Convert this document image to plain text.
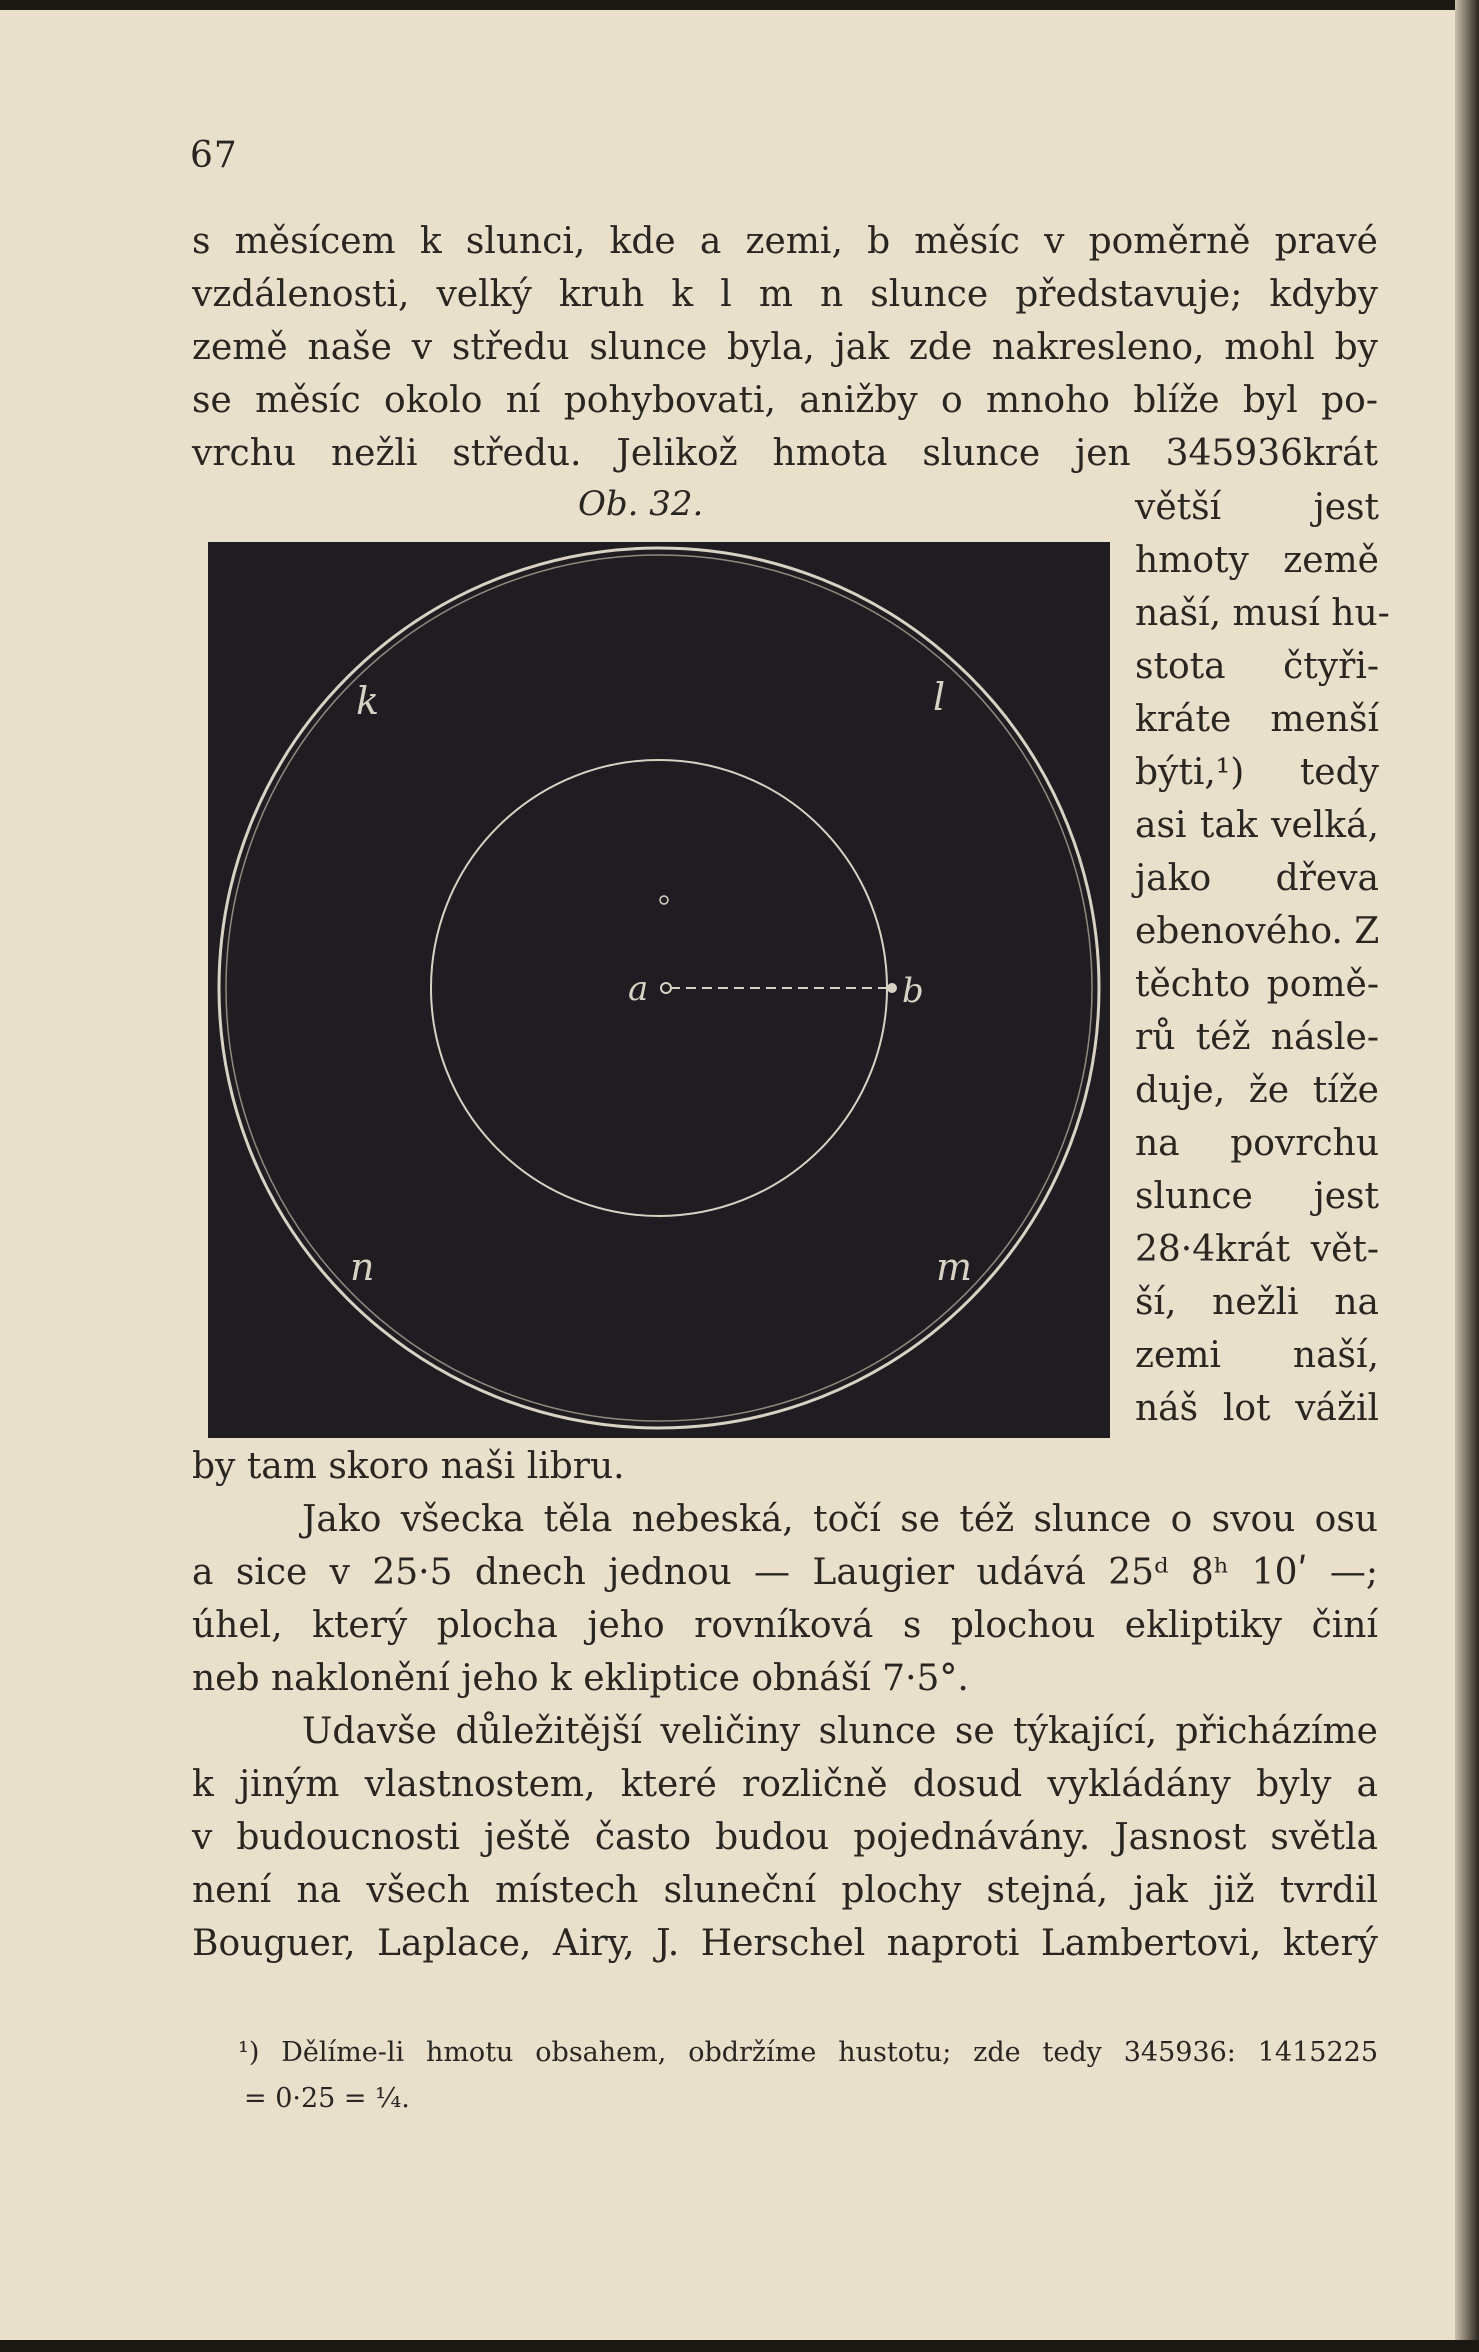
67
s měsícem k slunci, kde a zemi, b měsíc v poměrně pravé
vzdálenosti, velký kruh k l m n slunce představuje; kdyby
země naše v středu slunce byla, jak zde nakresleno, mohl by
se měsíc okolo ní pohybovati, anižby o mnoho blíže byl po-
vrchu nežli středu. Jelikož hmota slunce jen 345936krát
Ob. 32.	větší jest
hmoty země
naší, musí hu-
stota čtyři-
kráte menší
býti,¹) tedy
asi tak velká,
jako dřeva
ebenového. Z
těchto pomě-
rů též násle-
duje, že tíže
na povrchu
slunce jest
28·4krát vět-
ší, nežli na
zemi naší,
náš lot vážil
k	l
n	m
a	b
by tam skoro naši libru.
Jako všecka těla nebeská, točí se též slunce o svou osu
a sice v 25·5 dnech jednou — Laugier udává 25ᵈ 8ʰ 10ʹ —;
úhel, který plocha jeho rovníková s plochou ekliptiky činí
neb naklonění jeho k ekliptice obnáší 7·5°.
Udavše důležitější veličiny slunce se týkající, přicházíme
k jiným vlastnostem, které rozličně dosud vykládány byly a
v budoucnosti ještě často budou pojednávány. Jasnost světla
není na všech místech sluneční plochy stejná, jak již tvrdil
Bouguer, Laplace, Airy, J. Herschel naproti Lambertovi, který
¹) Dělíme-li hmotu obsahem, obdržíme hustotu; zde tedy 345936: 1415225
= 0·25 = ¼.
